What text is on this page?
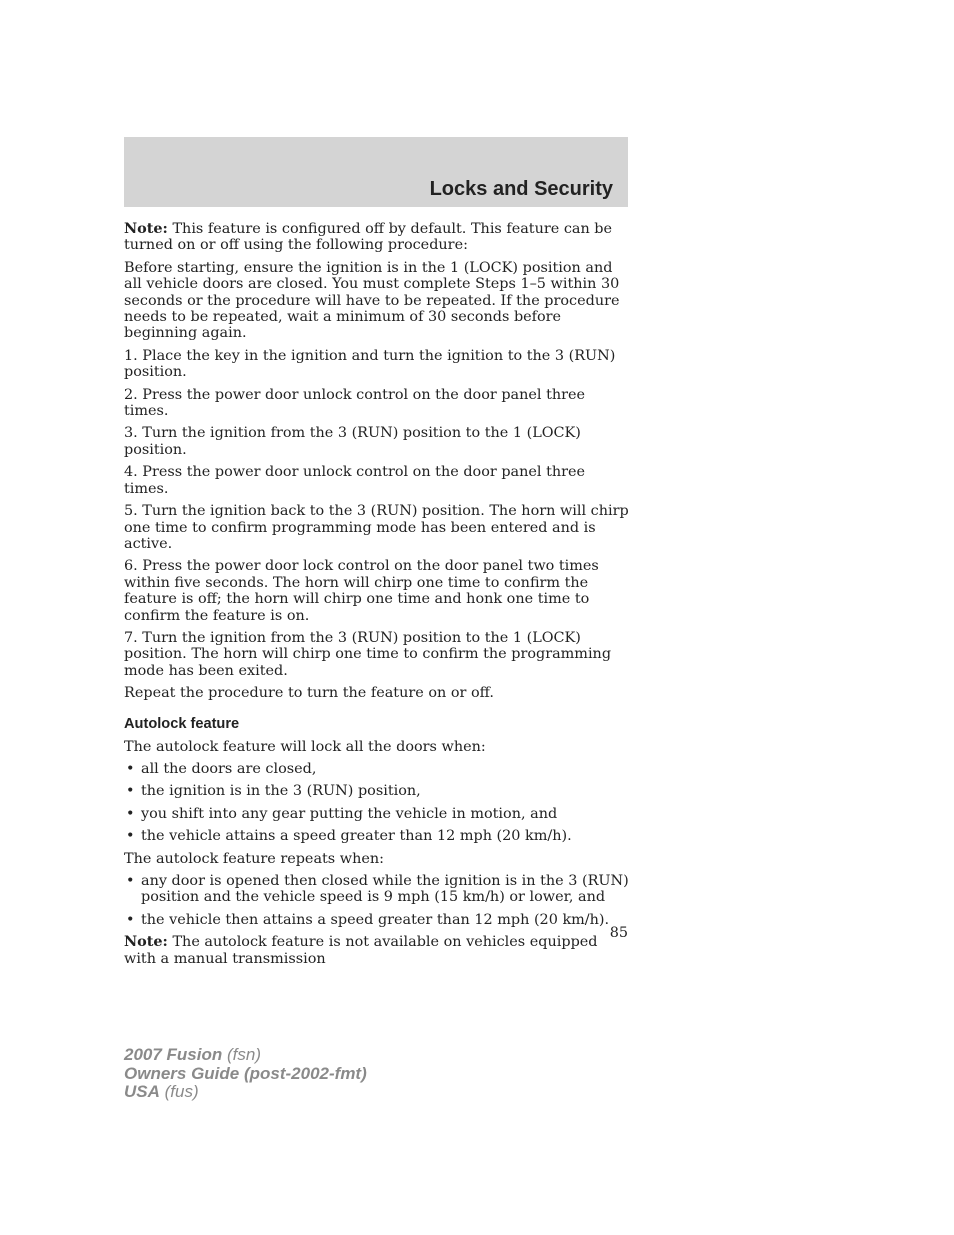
Locks and Security

Note: This feature is configured off by default. This feature can be turned on or off using the following procedure:

Before starting, ensure the ignition is in the 1 (LOCK) position and all vehicle doors are closed. You must complete Steps 1–5 within 30 seconds or the procedure will have to be repeated. If the procedure needs to be repeated, wait a minimum of 30 seconds before beginning again.

1. Place the key in the ignition and turn the ignition to the 3 (RUN) position.

2. Press the power door unlock control on the door panel three times.

3. Turn the ignition from the 3 (RUN) position to the 1 (LOCK) position.

4. Press the power door unlock control on the door panel three times.

5. Turn the ignition back to the 3 (RUN) position. The horn will chirp one time to confirm programming mode has been entered and is active.

6. Press the power door lock control on the door panel two times within five seconds. The horn will chirp one time to confirm the feature is off; the horn will chirp one time and honk one time to confirm the feature is on.

7. Turn the ignition from the 3 (RUN) position to the 1 (LOCK) position. The horn will chirp one time to confirm the programming mode has been exited.

Repeat the procedure to turn the feature on or off.

Autolock feature

The autolock feature will lock all the doors when:

• all the doors are closed,
• the ignition is in the 3 (RUN) position,
• you shift into any gear putting the vehicle in motion, and
• the vehicle attains a speed greater than 12 mph (20 km/h).

The autolock feature repeats when:

• any door is opened then closed while the ignition is in the 3 (RUN) position and the vehicle speed is 9 mph (15 km/h) or lower, and
• the vehicle then attains a speed greater than 12 mph (20 km/h).

Note: The autolock feature is not available on vehicles equipped with a manual transmission

85
2007 Fusion (fsn)
Owners Guide (post-2002-fmt)
USA (fus)
